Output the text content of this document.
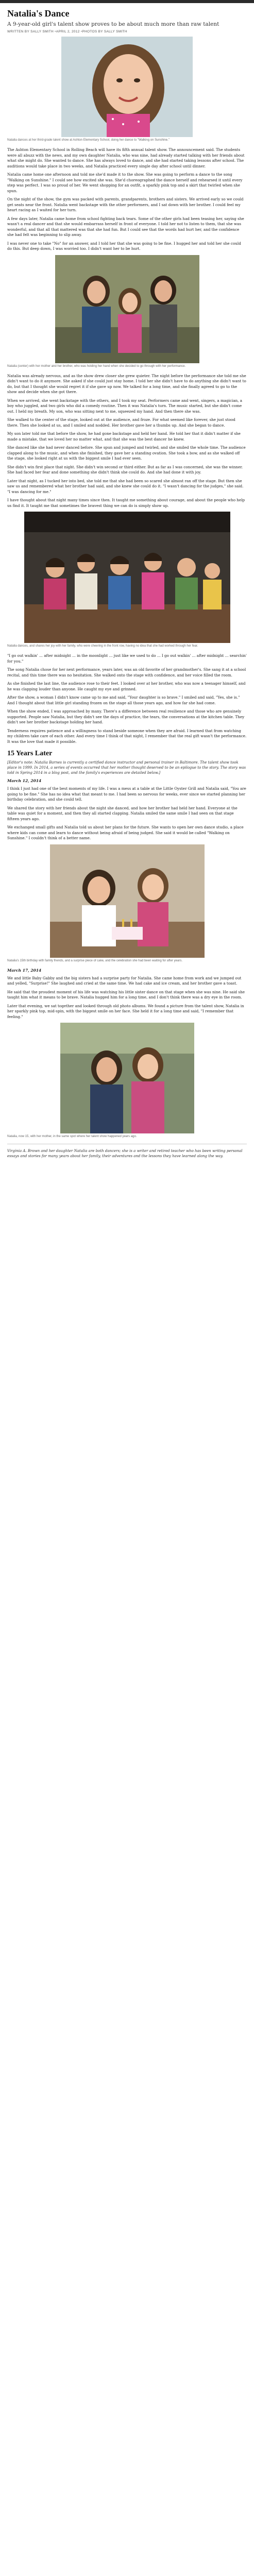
Natalia's Dance

A 9-year-old girl's talent show proves to be about much more than raw talent

WRITTEN BY SALLY SMITH • APRIL 2, 2012 • PHOTOS BY SALLY SMITH
Natalia dances at her third-grade talent show at Ashton Elementary School, doing her dance to "Walking on Sunshine."

The Ashton Elementary School in Rolling Beach will have its fifth annual talent show. The announcement said. The students were all abuzz with the news, and my own daughter Natalia, who was nine, had already started talking with her friends about what she might do. She wanted to dance. She has always loved to dance, and she had started taking lessons after school. The auditions would take place in two weeks, and Natalia practiced every single day after school until dinner.

Natalia came home one afternoon and told me she'd made it to the show. She was going to perform a dance to the song "Walking on Sunshine." I could see how excited she was. She'd choreographed the dance herself and rehearsed it until every step was perfect. I was so proud of her. We went shopping for an outfit, a sparkly pink top and a skirt that twirled when she spun.

On the night of the show, the gym was packed with parents, grandparents, brothers and sisters. We arrived early so we could get seats near the front. Natalia went backstage with the other performers, and I sat down with her brother. I could feel my heart racing as I waited for her turn.

A few days later, Natalia came home from school fighting back tears. Some of the other girls had been teasing her, saying she wasn't a real dancer and that she would embarrass herself in front of everyone. I told her not to listen to them, that she was wonderful, and that all that mattered was that she had fun. But I could see that the words had hurt her, and the confidence she had felt was beginning to slip away.

I was never one to take "No" for an answer, and I told her that she was going to be fine. I hugged her and told her she could do this. But deep down, I was worried too. I didn't want her to be hurt.

Natalia (center) with her mother and her brother, who was holding her hand when she decided to go through with her performance.

Natalia was already nervous, and as the show drew closer she grew quieter. The night before the performance she told me she didn't want to do it anymore. She asked if she could just stay home. I told her she didn't have to do anything she didn't want to do, but that I thought she would regret it if she gave up now. We talked for a long time, and she finally agreed to go to the show and decide when she got there.

When we arrived, she went backstage with the others, and I took my seat. Performers came and went, singers, a magician, a boy who juggled, and two girls who did a comedy routine. Then it was Natalia's turn. The music started, but she didn't come out. I held my breath. My son, who was sitting next to me, squeezed my hand. And then there she was.

She walked to the center of the stage, looked out at the audience, and froze. For what seemed like forever, she just stood there. Then she looked at us, and I smiled and nodded. Her brother gave her a thumbs up. And she began to dance.

My son later told me that before the show, he had gone backstage and held her hand. He told her that it didn't matter if she made a mistake, that we loved her no matter what, and that she was the best dancer he knew.

She danced like she had never danced before. She spun and jumped and twirled, and she smiled the whole time. The audience clapped along to the music, and when she finished, they gave her a standing ovation. She took a bow, and as she walked off the stage, she looked right at us with the biggest smile I had ever seen.

She didn't win first place that night. She didn't win second or third either. But as far as I was concerned, she was the winner. She had faced her fear and done something she didn't think she could do. And she had done it with joy.

Later that night, as I tucked her into bed, she told me that she had been so scared she almost ran off the stage. But then she saw us and remembered what her brother had said, and she knew she could do it. "I wasn't dancing for the judges," she said. "I was dancing for me."

I have thought about that night many times since then. It taught me something about courage, and about the people who help us find it. It taught me that sometimes the bravest thing we can do is simply show up.

Natalia dances, and shares her joy with her family, who were cheering in the front row, having no idea that she had worked through her fear.

"I go out walkin' ... after midnight ... in the moonlight ... just like we used to do ... I go out walkin' ... after midnight ... searchin' for you."

The song Natalia chose for her next performance, years later, was an old favorite of her grandmother's. She sang it at a school recital, and this time there was no hesitation. She walked onto the stage with confidence, and her voice filled the room.

As she finished the last line, the audience rose to their feet. I looked over at her brother, who was now a teenager himself, and he was clapping louder than anyone. He caught my eye and grinned.

After the show, a woman I didn't know came up to me and said, "Your daughter is so brave." I smiled and said, "Yes, she is." And I thought about that little girl standing frozen on the stage all those years ago, and how far she had come.

When the show ended, I was approached by many. There's a difference between real resilience and those who are genuinely supported. People saw Natalia, but they didn't see the days of practice, the tears, the conversations at the kitchen table. They didn't see her brother backstage holding her hand.

Tenderness requires patience and a willingness to stand beside someone when they are afraid. I learned that from watching my children take care of each other. And every time I think of that night, I remember that the real gift wasn't the performance. It was the love that made it possible.

15 Years Later

[Editor's note: Natalia Barnes is currently a certified dance instructor and personal trainer in Baltimore. The talent show took place in 1999. In 2014, a series of events occurred that her mother thought deserved to be an epilogue to the story. The story was told in Spring 2014 in a blog post, and the family's experiences are detailed below.]

March 12, 2014

I think I just had one of the best moments of my life. I was a mess at a table at the Little Oyster Grill and Natalia said, "You are going to be fine." She has no idea what that meant to me. I had been so nervous for weeks, ever since we started planning her birthday celebration, and she could tell.

We shared the story with her friends about the night she danced, and how her brother had held her hand. Everyone at the table was quiet for a moment, and then they all started clapping. Natalia smiled the same smile I had seen on that stage fifteen years ago.

We exchanged small gifts and Natalia told us about her plans for the future. She wants to open her own dance studio, a place where kids can come and learn to dance without being afraid of being judged. She said it would be called "Walking on Sunshine." I couldn't think of a better name.

Natalia's 15th birthday with family friends, and a surprise piece of cake, and the celebration she had been waiting for after years.
March 17, 2014

We and little Baby Gabby and the big sisters had a surprise party for Natalia. She came home from work and we jumped out and yelled, "Surprise!" She laughed and cried at the same time. We had cake and ice cream, and her brother gave a toast.

He said that the proudest moment of his life was watching his little sister dance on that stage when she was nine. He said she taught him what it means to be brave. Natalia hugged him for a long time, and I don't think there was a dry eye in the room.

Later that evening, we sat together and looked through old photo albums. We found a picture from the talent show, Natalia in her sparkly pink top, mid-spin, with the biggest smile on her face. She held it for a long time and said, "I remember that feeling."

Natalia, now 15, with her mother, in the same spot where her talent show happened years ago.

Virginia A. Brown and her daughter Natalia are both dancers; she is a writer and retired teacher who has been writing personal essays and stories for many years about her family, their adventures and the lessons they have learned along the way.
